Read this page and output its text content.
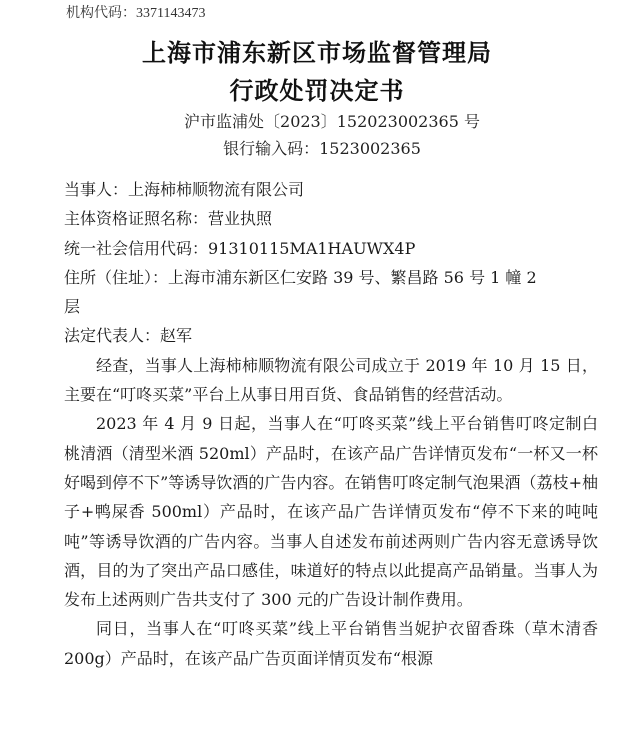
机构代码：3371143473
上海市浦东新区市场监督管理局
行政处罚决定书
沪市监浦处〔2023〕152023002365 号
银行输入码：1523002365
当事人：上海柿柿顺物流有限公司
主体资格证照名称：营业执照
统一社会信用代码：91310115MA1HAUWX4P
住所（住址）：上海市浦东新区仁安路 39 号、繁昌路 56 号 1 幢 2
层
法定代表人：赵军

经查，当事人上海柿柿顺物流有限公司成立于 2019 年 10 月 15 日，主要在“叮咚买菜”平台上从事日用百货、食品销售的经营活动。

2023 年 4 月 9 日起，当事人在“叮咚买菜”线上平台销售叮咚定制白桃清酒（清型米酒 520ml）产品时，在该产品广告详情页发布“一杯又一杯 好喝到停不下”等诱导饮酒的广告内容。在销售叮咚定制气泡果酒（荔枝+柚子+鸭屎香 500ml）产品时，在该产品广告详情页发布“停不下来的吨吨吨”等诱导饮酒的广告内容。当事人自述发布前述两则广告内容无意诱导饮酒，目的为了突出产品口感佳，味道好的特点以此提高产品销量。当事人为发布上述两则广告共支付了 300 元的广告设计制作费用。

同日，当事人在“叮咚买菜”线上平台销售当妮护衣留香珠（草木清香 200g）产品时，在该产品广告页面详情页发布“根源
